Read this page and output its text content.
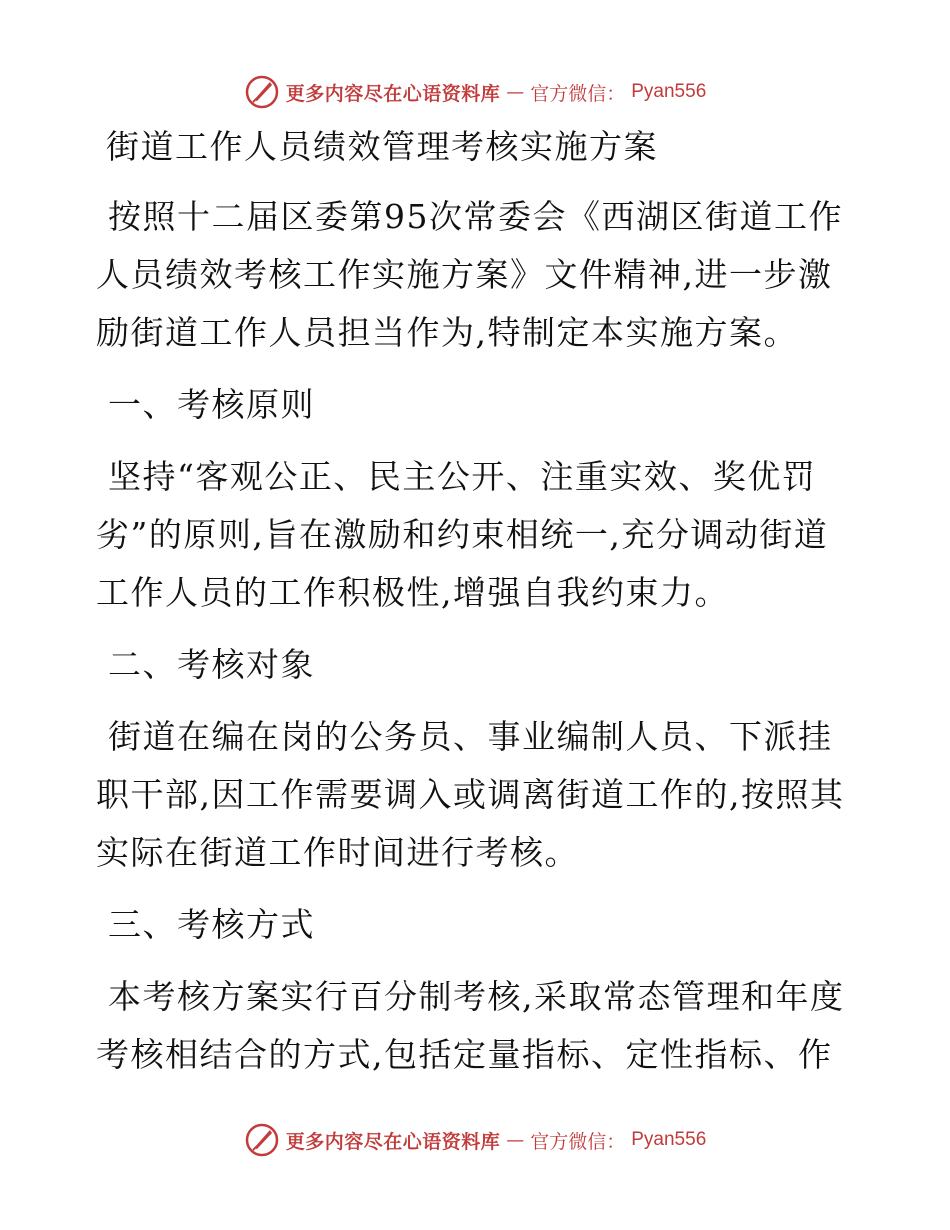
更多内容尽在心语资料库 — 官方微信： Pyan556
街道工作人员绩效管理考核实施方案
按照十二届区委第95次常委会《西湖区街道工作
人员绩效考核工作实施方案》文件精神,进一步激
励街道工作人员担当作为,特制定本实施方案。
一、考核原则
坚持“客观公正、民主公开、注重实效、奖优罚
劣”的原则,旨在激励和约束相统一,充分调动街道
工作人员的工作积极性,增强自我约束力。
二、考核对象
街道在编在岗的公务员、事业编制人员、下派挂
职干部,因工作需要调入或调离街道工作的,按照其
实际在街道工作时间进行考核。
三、考核方式
本考核方案实行百分制考核,采取常态管理和年度
考核相结合的方式,包括定量指标、定性指标、作
更多内容尽在心语资料库 — 官方微信： Pyan556
